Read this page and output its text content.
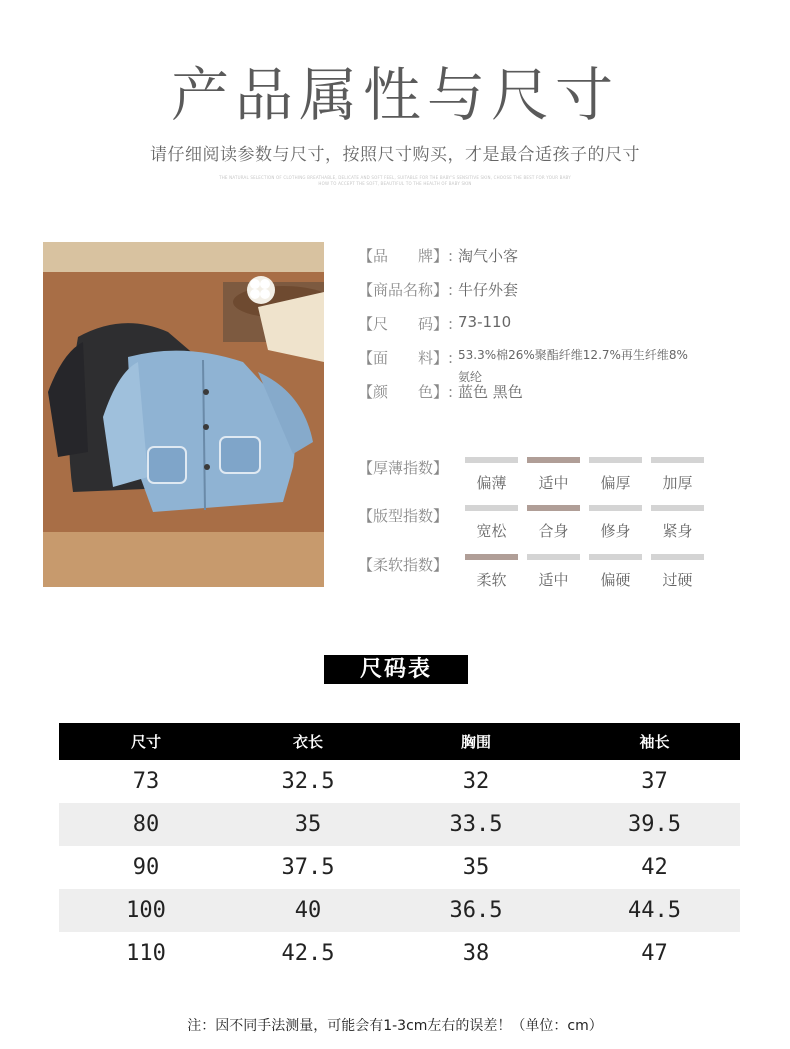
产品属性与尺寸
请仔细阅读参数与尺寸，按照尺寸购买，才是最合适孩子的尺寸
THE NATURAL SELECTION OF CLOTHING BREATHABLE, DELICATE AND SOFT FEEL, SUITABLE FOR THE BABY'S SENSITIVE SKIN, CHOOSE THE BEST FOR YOUR BABY
HOW TO ACCEPT THE SOFT, BEAUTIFUL TO THE HEALTH OF BABY SKIN
【品　　牌】: 淘气小客
【商品名称】: 牛仔外套
【尺　　码】: 73-110
【面　　料】: 53.3%棉26%聚酯纤维12.7%再生纤维8%氨纶
【颜　　色】: 蓝色 黑色
【厚薄指数】
偏薄	适中	偏厚	加厚
【版型指数】
宽松	合身	修身	紧身
【柔软指数】
柔软	适中	偏硬	过硬
尺码表
尺寸	衣长	胸围	袖长
73	32.5	32	37
80	35	33.5	39.5
90	37.5	35	42
100	40	36.5	44.5
110	42.5	38	47
注：因不同手法测量，可能会有1-3cm左右的误差！（单位：cm）
